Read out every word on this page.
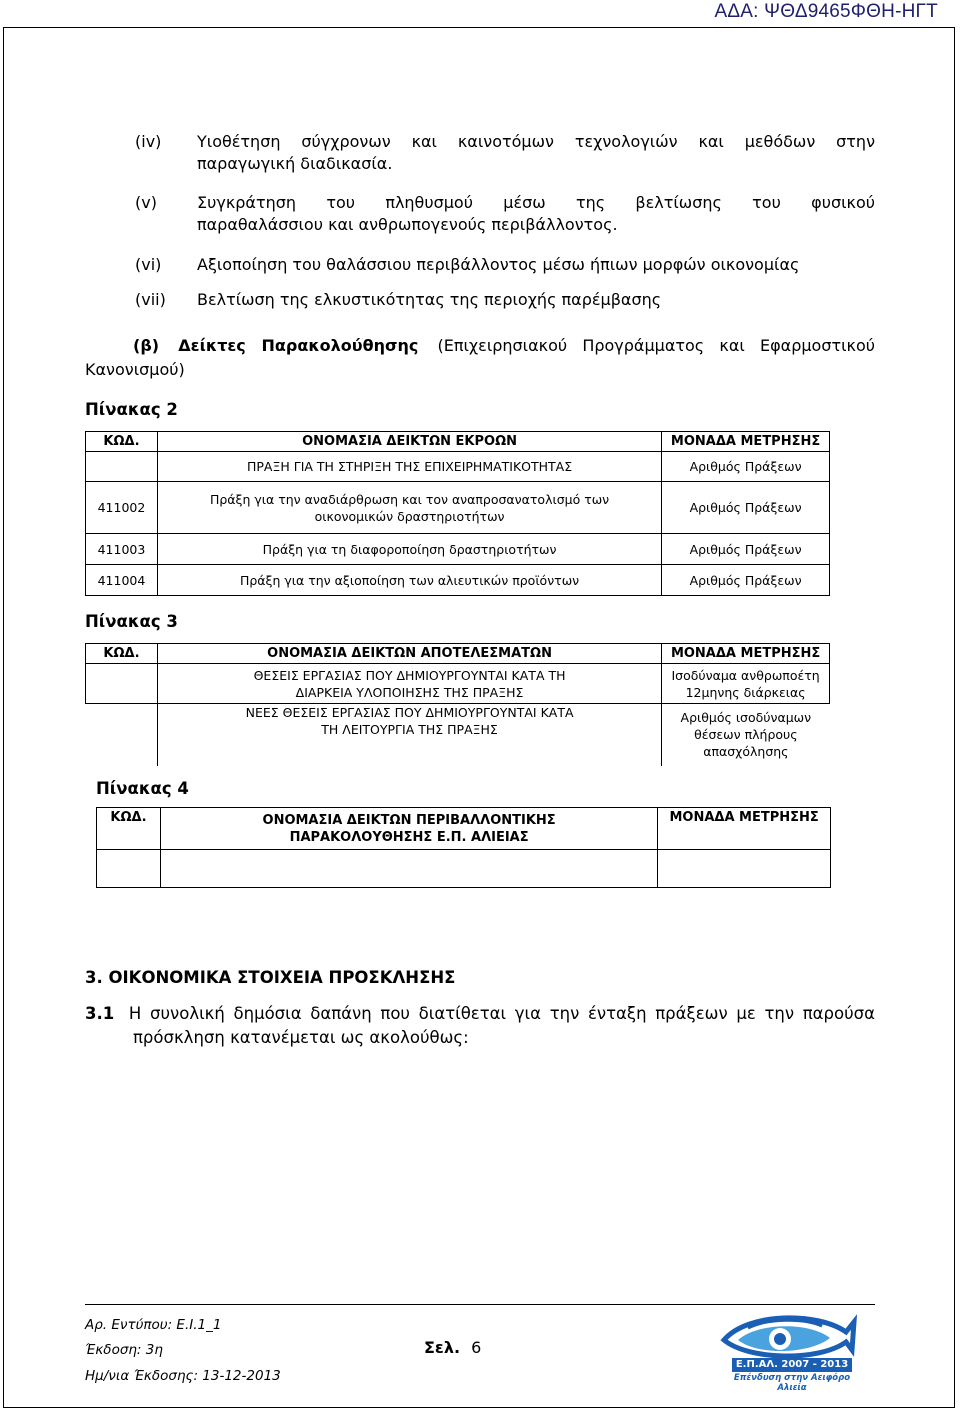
ΑΔΑ: ΨΘΔ9465ΦΘΗ-ΗΓΤ
(iv) Υιοθέτηση σύγχρονων και καινοτόμων τεχνολογιών και μεθόδων στην
παραγωγική διαδικασία.
(v)	Συγκράτηση του πληθυσμού μέσω της βελτίωσης του φυσικού
παραθαλάσσιου και ανθρωπογενούς περιβάλλοντος.
(vi) Αξιοποίηση του θαλάσσιου περιβάλλοντος μέσω ήπιων μορφών οικονομίας
(vii) Βελτίωση της ελκυστικότητας της περιοχής παρέμβασης
(β) Δείκτες Παρακολούθησης (Επιχειρησιακού Προγράμματος και Εφαρμοστικού
Κανονισμού)
Πίνακας 2
ΚΩΔ.	ΟΝΟΜΑΣΙΑ ΔΕΙΚΤΩΝ ΕΚΡΟΩΝ	ΜΟΝΑΔΑ ΜΕΤΡΗΣΗΣ
	ΠΡΑΞΗ ΓΙΑ ΤΗ ΣΤΗΡΙΞΗ ΤΗΣ ΕΠΙΧΕΙΡΗΜΑΤΙΚΟΤΗΤΑΣ	Αριθμός Πράξεων
411002	Πράξη για την αναδιάρθρωση και τον αναπροσανατολισμό των οικονομικών δραστηριοτήτων	Αριθμός Πράξεων
411003	Πράξη για τη διαφοροποίηση δραστηριοτήτων	Αριθμός Πράξεων
411004	Πράξη για την αξιοποίηση των αλιευτικών προϊόντων	Αριθμός Πράξεων
Πίνακας 3
ΚΩΔ.	ΟΝΟΜΑΣΙΑ ΔΕΙΚΤΩΝ ΑΠΟΤΕΛΕΣΜΑΤΩΝ	ΜΟΝΑΔΑ ΜΕΤΡΗΣΗΣ
	ΘΕΣΕΙΣ ΕΡΓΑΣΙΑΣ ΠΟΥ ΔΗΜΙΟΥΡΓΟΥΝΤΑΙ ΚΑΤΑ ΤΗ ΔΙΑΡΚΕΙΑ ΥΛΟΠΟΙΗΣΗΣ ΤΗΣ ΠΡΑΞΗΣ	Ισοδύναμα ανθρωποέτη 12μηνης διάρκειας
	ΝΕΕΣ ΘΕΣΕΙΣ ΕΡΓΑΣΙΑΣ ΠΟΥ ΔΗΜΙΟΥΡΓΟΥΝΤΑΙ ΚΑΤΑ ΤΗ ΛΕΙΤΟΥΡΓΙΑ ΤΗΣ ΠΡΑΞΗΣ	Αριθμός ισοδύναμων θέσεων πλήρους απασχόλησης
Πίνακας 4
ΚΩΔ.	ΟΝΟΜΑΣΙΑ ΔΕΙΚΤΩΝ ΠΕΡΙΒΑΛΛΟΝΤΙΚΗΣ ΠΑΡΑΚΟΛΟΥΘΗΣΗΣ Ε.Π. ΑΛΙΕΙΑΣ	ΜΟΝΑΔΑ ΜΕΤΡΗΣΗΣ

3. ΟΙΚΟΝΟΜΙΚΑ ΣΤΟΙΧΕΙΑ ΠΡΟΣΚΛΗΣΗΣ
3.1 Η συνολική δημόσια δαπάνη που διατίθεται για την ένταξη πράξεων με την παρούσα
πρόσκληση κατανέμεται ως ακολούθως:
Αρ. Εντύπου: Ε.Ι.1_1
Έκδοση: 3η
Ημ/νια Έκδοσης: 13-12-2013
Σελ. 6
Ε.Π.ΑΛ. 2007 - 2013
Επένδυση στην Αειφόρο Αλιεία
